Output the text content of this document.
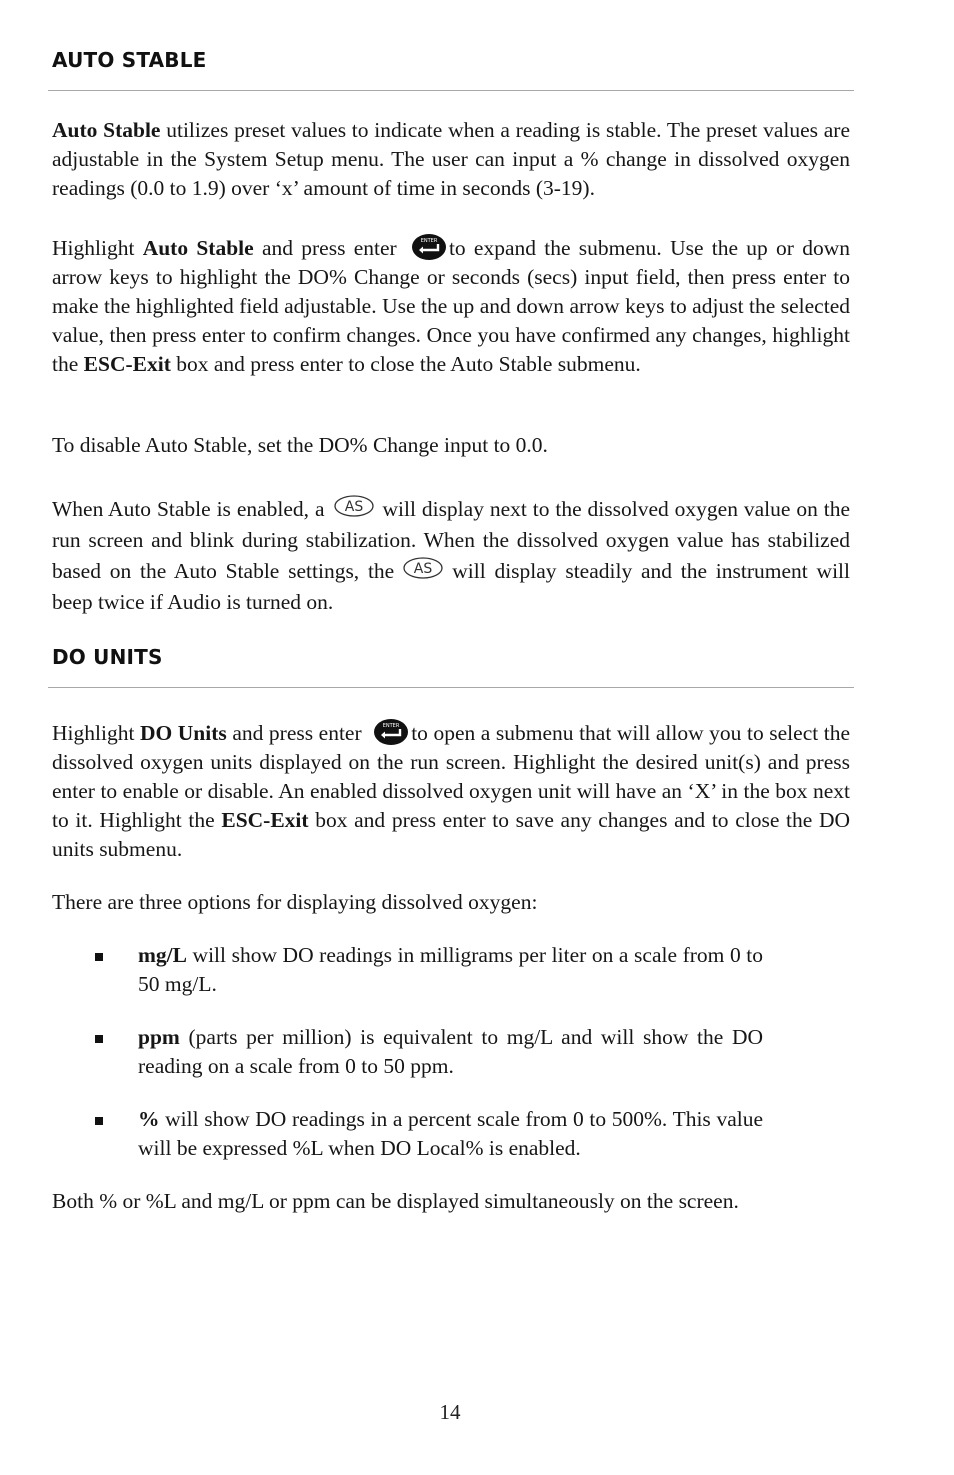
AUTO STABLE

Auto Stable utilizes preset values to indicate when a reading is stable. The preset values are adjustable in the System Setup menu. The user can input a % change in dissolved oxygen readings (0.0 to 1.9) over ‘x’ amount of time in seconds (3-19).

Highlight Auto Stable and press enter	ENTER to expand the submenu. Use the up or down arrow keys to highlight the DO% Change or seconds (secs) input field, then press enter to make the highlighted field adjustable. Use the up and down arrow keys to adjust the selected value, then press enter to confirm changes. Once you have confirmed any changes, highlight the ESC-Exit box and press enter to close the Auto Stable submenu.

To disable Auto Stable, set the DO% Change input to 0.0.

When Auto Stable is enabled, a AS will display next to the dissolved oxygen value on the run screen and blink during stabilization. When the dissolved oxygen value has stabilized based on the Auto Stable settings, the AS will display steadily and the instrument will beep twice if Audio is turned on.

DO UNITS

Highlight DO Units and press enter	ENTER to open a submenu that will allow you to select the dissolved oxygen units displayed on the run screen. Highlight the desired unit(s) and press enter to enable or disable. An enabled dissolved oxygen unit will have an ‘X’ in the box next to it. Highlight the ESC-Exit box and press enter to save any changes and to close the DO units submenu.

There are three options for displaying dissolved oxygen:

mg/L will show DO readings in milligrams per liter on a scale from 0 to 50 mg/L.

ppm (parts per million) is equivalent to mg/L and will show the DO reading on a scale from 0 to 50 ppm.

% will show DO readings in a percent scale from 0 to 500%. This value will be expressed %L when DO Local% is enabled.

Both % or %L and mg/L or ppm can be displayed simultaneously on the screen.

14
